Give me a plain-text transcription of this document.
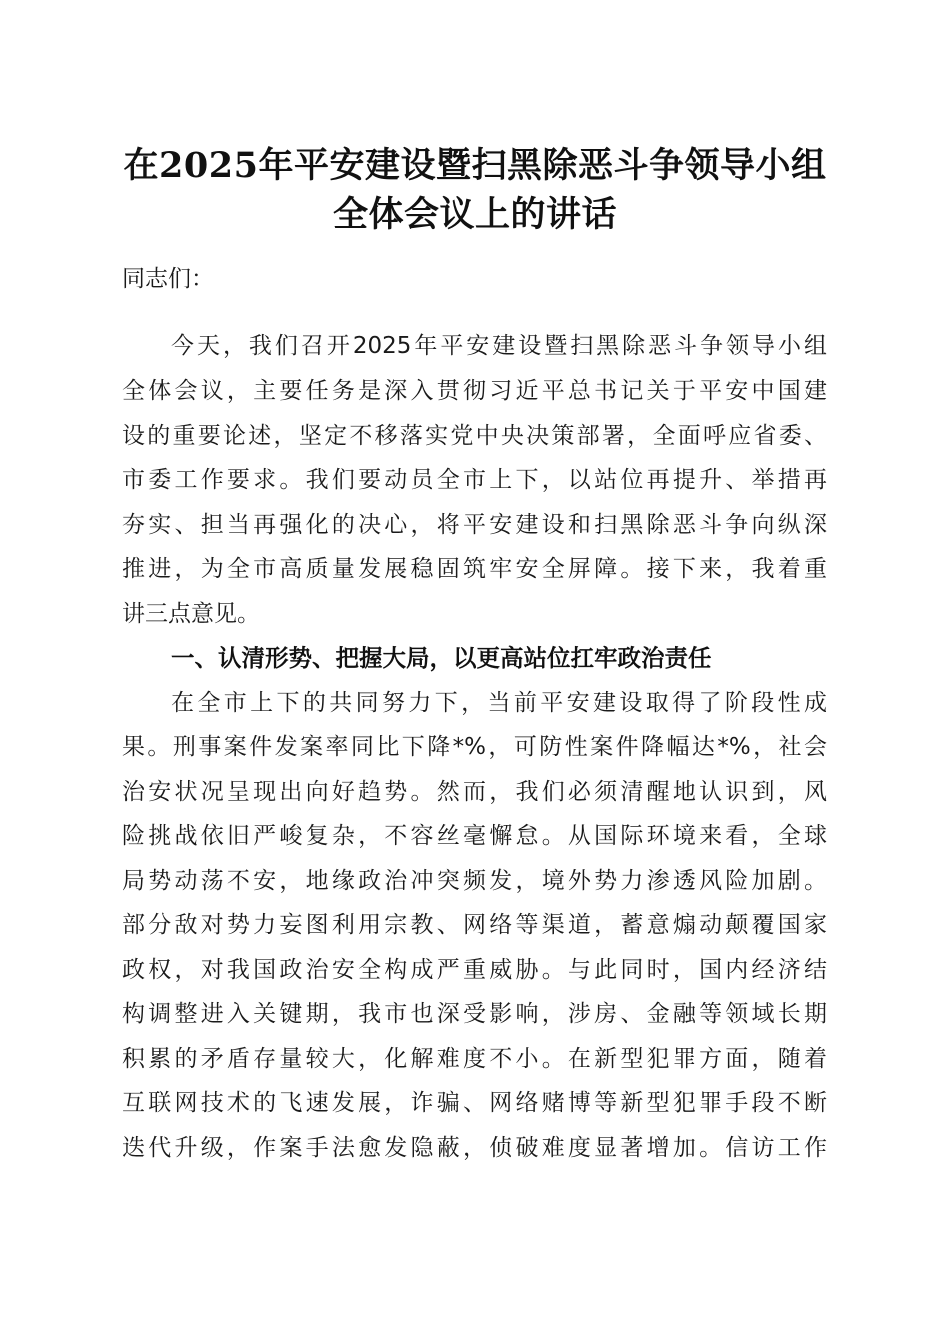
在2025年平安建设暨扫黑除恶斗争领导小组
全体会议上的讲话

同志们：

今天，我们召开2025年平安建设暨扫黑除恶斗争领导小组

全体会议，主要任务是深入贯彻习近平总书记关于平安中国建

设的重要论述，坚定不移落实党中央决策部署，全面呼应省委、

市委工作要求。我们要动员全市上下，以站位再提升、举措再

夯实、担当再强化的决心，将平安建设和扫黑除恶斗争向纵深

推进，为全市高质量发展稳固筑牢安全屏障。接下来，我着重

讲三点意见。

一、认清形势、把握大局，以更高站位扛牢政治责任

在全市上下的共同努力下，当前平安建设取得了阶段性成

果。刑事案件发案率同比下降*%，可防性案件降幅达*%，社会

治安状况呈现出向好趋势。然而，我们必须清醒地认识到，风

险挑战依旧严峻复杂，不容丝毫懈怠。从国际环境来看，全球

局势动荡不安，地缘政治冲突频发，境外势力渗透风险加剧。

部分敌对势力妄图利用宗教、网络等渠道，蓄意煽动颠覆国家

政权，对我国政治安全构成严重威胁。与此同时，国内经济结

构调整进入关键期，我市也深受影响，涉房、金融等领域长期

积累的矛盾存量较大，化解难度不小。在新型犯罪方面，随着

互联网技术的飞速发展，诈骗、网络赌博等新型犯罪手段不断

迭代升级，作案手法愈发隐蔽，侦破难度显著增加。信访工作
